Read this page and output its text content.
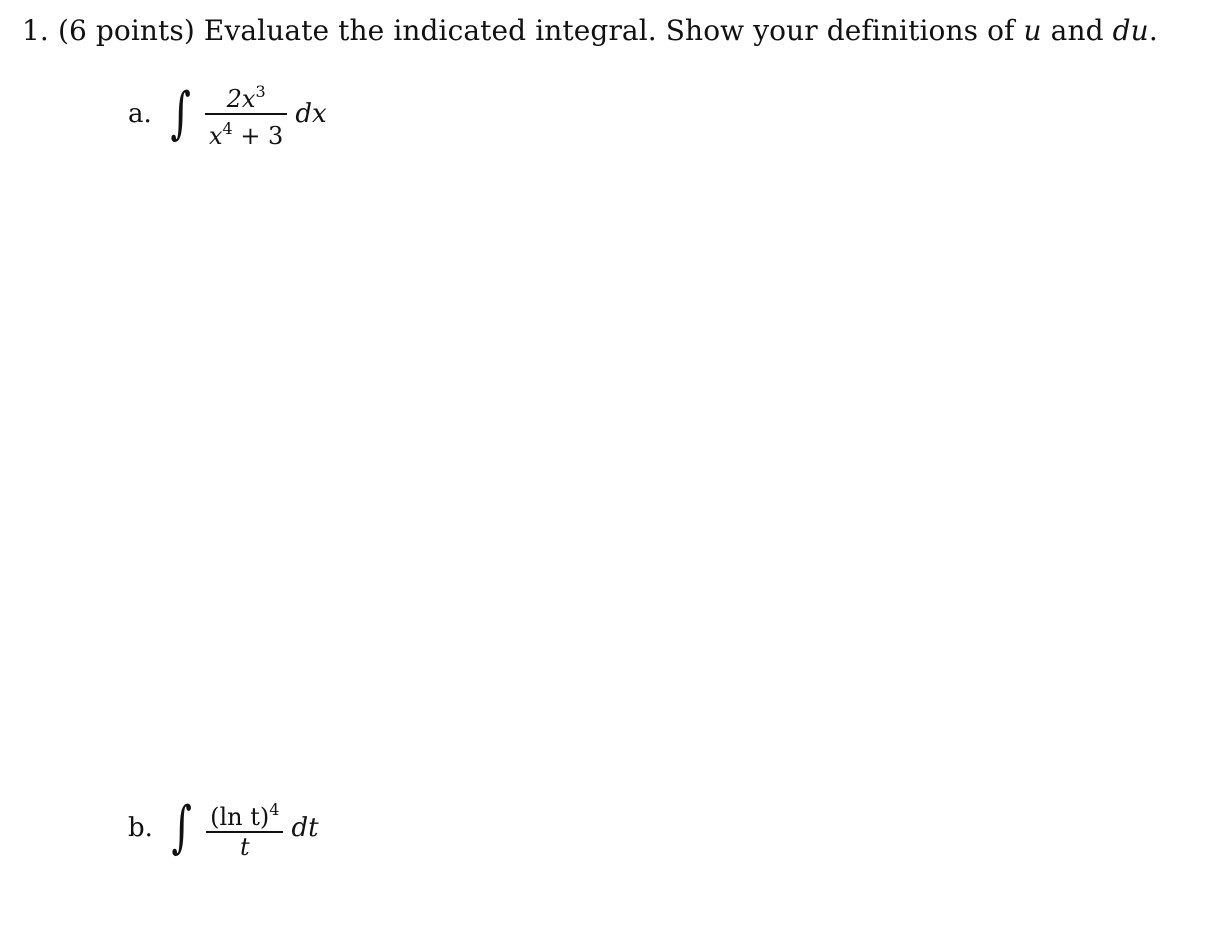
1. (6 points) Evaluate the indicated integral. Show your definitions of u and du.
a. ∫ $\frac{2x^3}{x^4 + 3}$ dx
b. ∫ $\frac{(\ln t)^4}{t}$ dt
